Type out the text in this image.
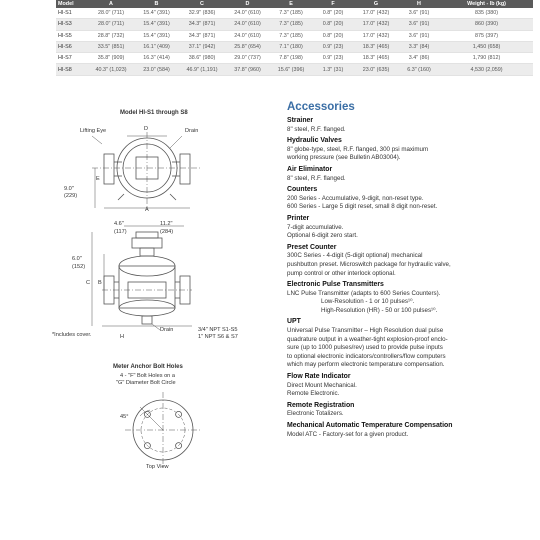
Model	A	B	C	D	E	F	G	H	Weight - lb (kg)
HI-S1	28.0" (711)	15.4" (391)	32.9" (836)	24.0" (610)	7.3" (185)	0.8" (20)	17.0" (432)	3.6" (91)	835 (380)
HI-S3	28.0" (711)	15.4" (391)	34.3" (871)	24.0" (610)	7.3" (185)	0.8" (20)	17.0" (432)	3.6" (91)	860 (390)
HI-S5	28.8" (732)	15.4" (391)	34.3" (871)	24.0" (610)	7.3" (185)	0.8" (20)	17.0" (432)	3.6" (91)	875 (397)
HI-S6	33.5" (851)	16.1" (409)	37.1" (942)	25.8" (654)	7.1" (180)	0.9" (23)	18.3" (465)	3.3" (84)	1,450 (658)
HI-S7	35.8" (909)	16.3" (414)	38.6" (980)	29.0" (737)	7.8" (198)	0.9" (23)	18.3" (465)	3.4" (86)	1,790 (812)
HI-S8	40.3" (1,023)	23.0" (584)	46.9" (1,191)	37.8" (960)	15.6" (396)	1.3" (31)	23.0" (635)	6.3" (160)	4,530 (2,059)
Model HI-S1 through S8
Lifting Eye	Drain
D
E
9.0"
(229)
A
4.6"
(117)
11.2"
(284)
6.0"
(152)
C B
Drain	3/4" NPT S1-S5
1" NPT S6 & S7
*Includes cover.	H
Meter Anchor Bolt Holes
4 - "F" Bolt Holes on a
"G" Diameter Bolt Circle
45°
Top View
Accessories
Strainer

8" steel, R.F. flanged.

Hydraulic Valves

8" globe-type, steel, R.F. flanged, 300 psi maximum

working pressure (see Bulletin AB03004).

Air Eliminator

8" steel, R.F. flanged.

Counters

200 Series - Accumulative, 9-digit, non-reset type.

600 Series - Large 5 digit reset, small 8 digit non-reset.

Printer

7-digit accumulative.

Optional 6-digit zero start.

Preset Counter

300C Series - 4-digit (5-digit optional) mechanical

pushbutton preset. Microswitch package for hydraulic valve,

pump control or other interlock optional.

Electronic Pulse Transmitters

LNC Pulse Transmitter (adapts to 600 Series Counters).

Low-Resolution - 1 or 10 pulses¹⁰.

High-Resolution (HR) - 50 or 100 pulses¹⁰.

UPT

Universal Pulse Transmitter – High Resolution dual pulse

quadrature output in a weather-tight explosion-proof enclo-

sure (up to 1000 pulses/rev) used to provide pulse inputs

to optional electronic indicators/controllers/flow computers

which may perform electronic temperature compensation.

Flow Rate Indicator

Direct Mount Mechanical.

Remote Electronic.

Remote Registration

Electronic Totalizers.

Mechanical Automatic Temperature Compensation

Model ATC - Factory-set for a given product.
